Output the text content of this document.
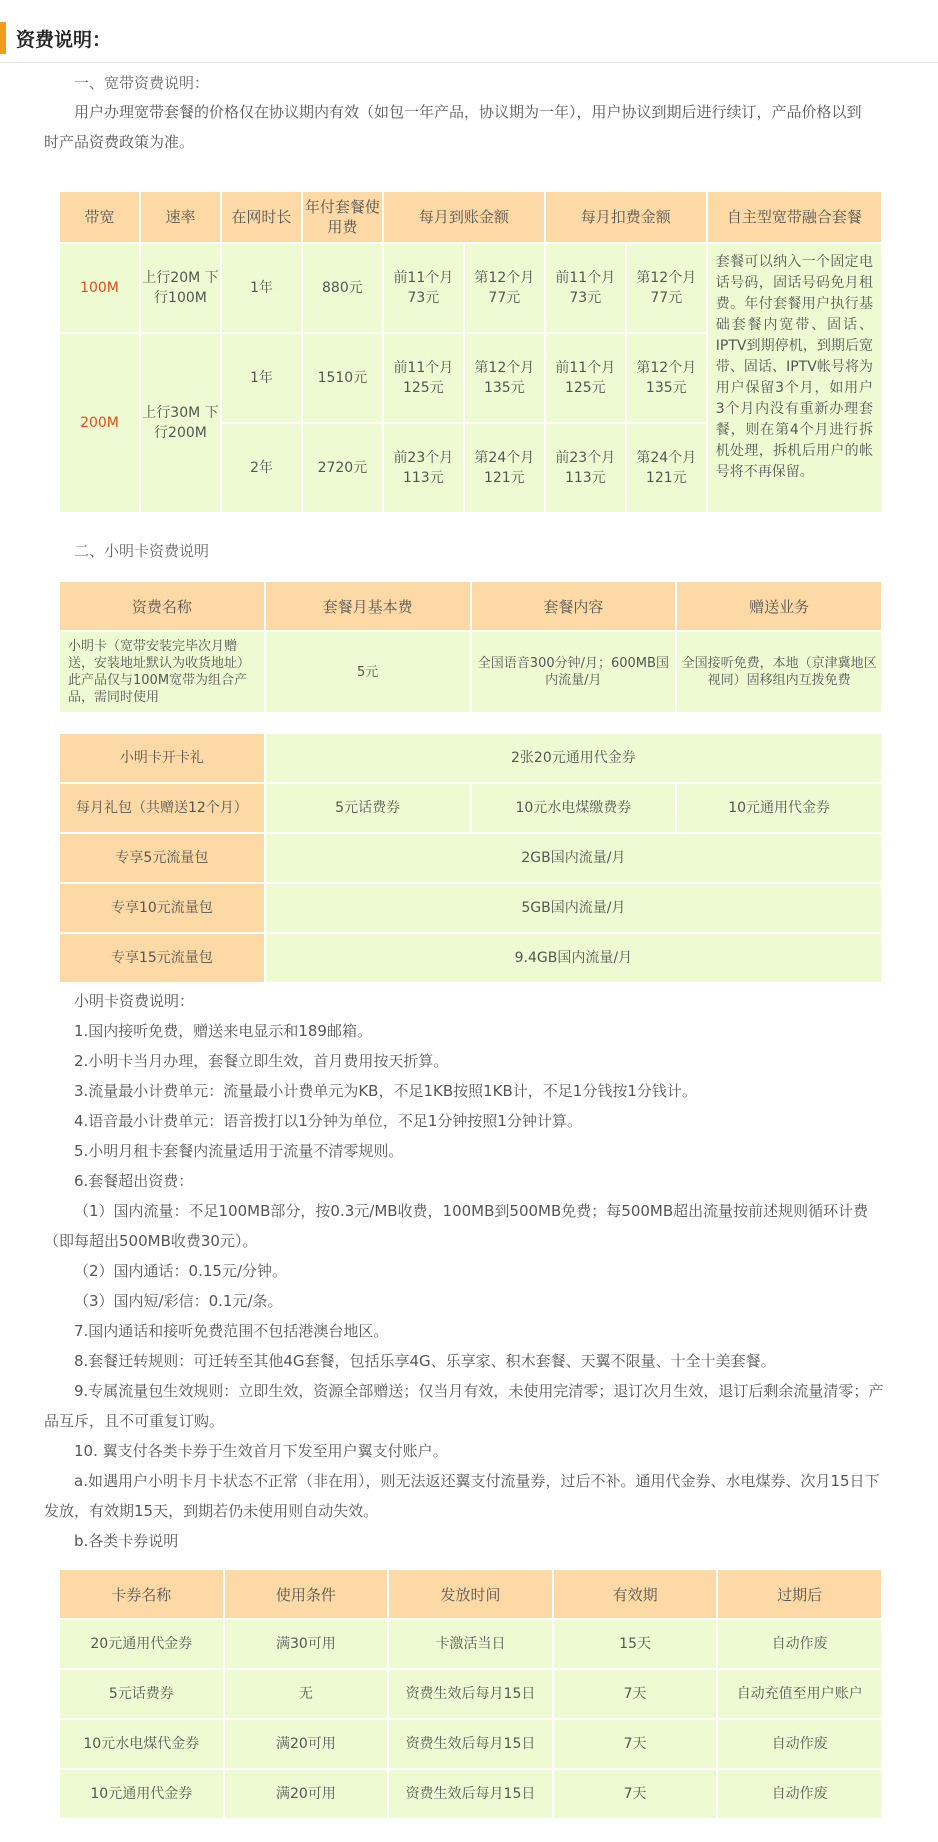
资费说明：
一、宽带资费说明：
用户办理宽带套餐的价格仅在协议期内有效（如包一年产品，协议期为一年），用户协议到期后进行续订，产品价格以到时产品资费政策为准。
带宽	速率	在网时长	年付套餐使用费	每月到账金额		每月扣费金额		自主型宽带融合套餐
100M	上行20M 下行100M	1年	880元	前11个月 73元	第12个月 77元	前11个月 73元	第12个月 77元	套餐可以纳入一个固定电话号码，固话号码免月租费。年付套餐用户执行基础套餐内宽带、固话、IPTV到期停机，到期后宽带、固话、IPTV帐号将为用户保留3个月，如用户3个月内没有重新办理套餐，则在第4个月进行拆机处理，拆机后用户的帐号将不再保留。
200M	上行30M 下行200M	1年	1510元	前11个月 125元	第12个月 135元	前11个月 125元	第12个月 135元	
		2年	2720元	前23个月 113元	第24个月 121元	前23个月 113元	第24个月 121元	
二、小明卡资费说明
资费名称	套餐月基本费	套餐内容	赠送业务
小明卡（宽带安装完毕次月赠送，安装地址默认为收货地址）此产品仅与100M宽带为组合产品，需同时使用	5元	全国语音300分钟/月；600MB国内流量/月	全国接听免费，本地（京津冀地区视同）固移组内互拨免费
小明卡开卡礼	2张20元通用代金券		
每月礼包（共赠送12个月）	5元话费券	10元水电煤缴费券	10元通用代金券
专享5元流量包	2GB国内流量/月		
专享10元流量包	5GB国内流量/月		
专享15元流量包	9.4GB国内流量/月		
小明卡资费说明：
1.国内接听免费，赠送来电显示和189邮箱。
2.小明卡当月办理，套餐立即生效，首月费用按天折算。
3.流量最小计费单元：流量最小计费单元为KB，不足1KB按照1KB计，不足1分钱按1分钱计。
4.语音最小计费单元：语音拨打以1分钟为单位，不足1分钟按照1分钟计算。
5.小明月租卡套餐内流量适用于流量不清零规则。
6.套餐超出资费：
（1）国内流量：不足100MB部分，按0.3元/MB收费，100MB到500MB免费；每500MB超出流量按前述规则循环计费（即每超出500MB收费30元）。
（2）国内通话：0.15元/分钟。
（3）国内短/彩信：0.1元/条。
7.国内通话和接听免费范围不包括港澳台地区。
8.套餐迁转规则：可迁转至其他4G套餐，包括乐享4G、乐享家、积木套餐、天翼不限量、十全十美套餐。
9.专属流量包生效规则：立即生效，资源全部赠送；仅当月有效，未使用完清零；退订次月生效，退订后剩余流量清零；产品互斥，且不可重复订购。
10. 翼支付各类卡券于生效首月下发至用户翼支付账户。
a.如遇用户小明卡月卡状态不正常（非在用），则无法返还翼支付流量券，过后不补。通用代金券、水电煤券、次月15日下发放，有效期15天，到期若仍未使用则自动失效。
b.各类卡券说明
卡券名称	使用条件	发放时间	有效期	过期后
20元通用代金券	满30可用	卡激活当日	15天	自动作废
5元话费券	无	资费生效后每月15日	7天	自动充值至用户账户
10元水电煤代金券	满20可用	资费生效后每月15日	7天	自动作废
10元通用代金券	满20可用	资费生效后每月15日	7天	自动作废
